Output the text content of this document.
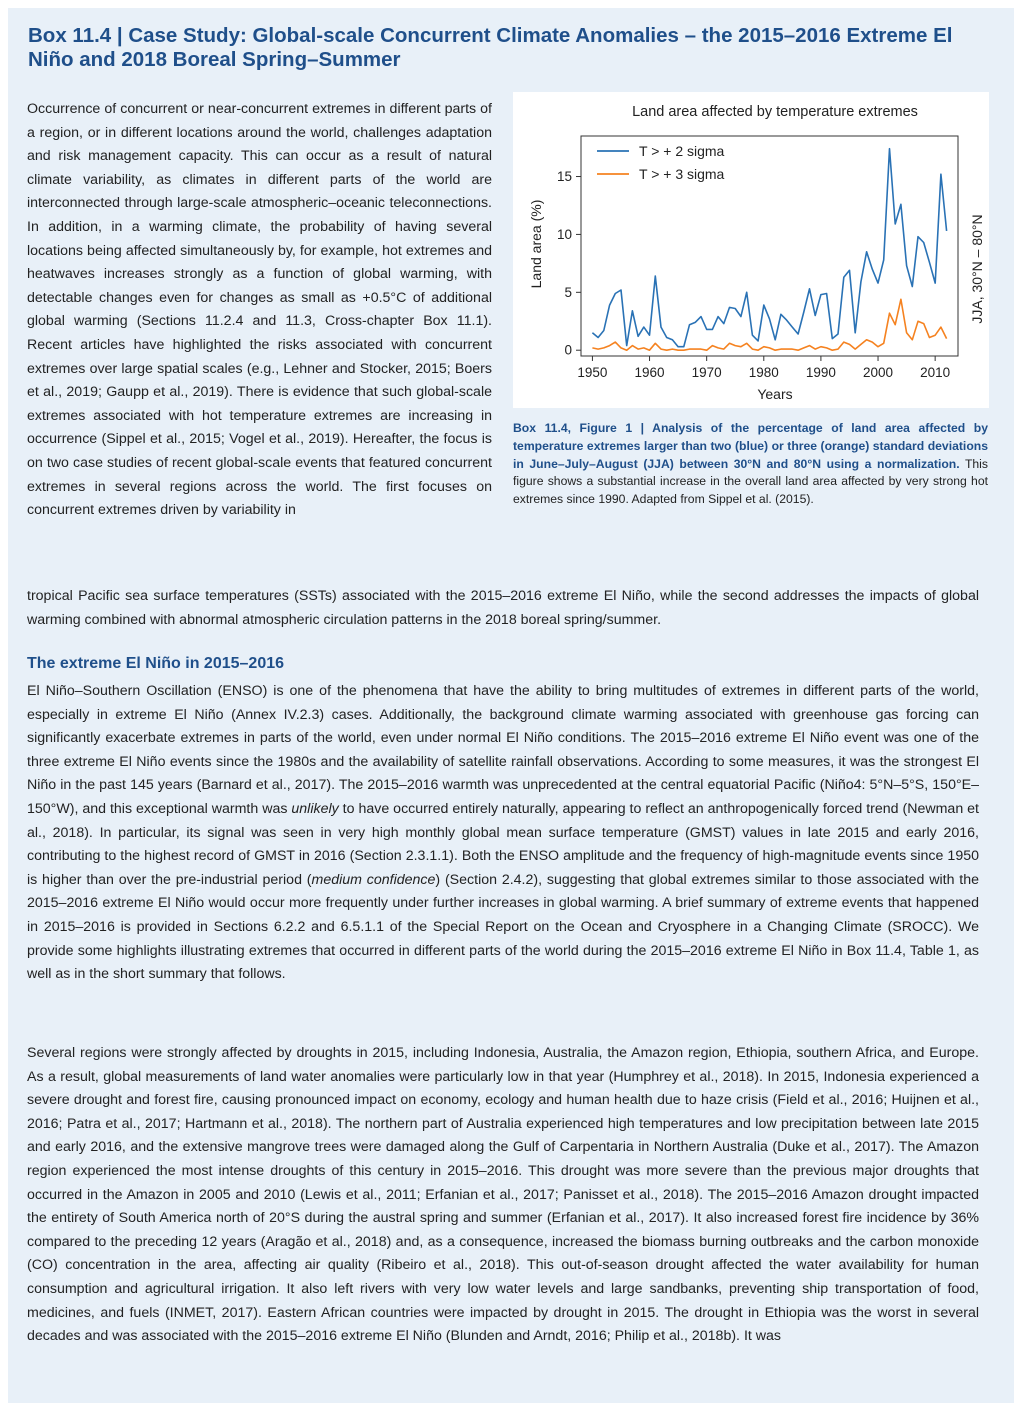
Box 11.4 | Case Study: Global-scale Concurrent Climate Anomalies – the 2015–2016 Extreme El Niño and 2018 Boreal Spring–Summer

Occurrence of concurrent or near-concurrent extremes in different parts of a region, or in different locations around the world, challenges adaptation and risk management capacity. This can occur as a result of natural climate variability, as climates in different parts of the world are interconnected through large-scale atmospheric–oceanic teleconnections. In addition, in a warming climate, the probability of having several locations being affected simultaneously by, for example, hot extremes and heatwaves increases strongly as a function of global warming, with detectable changes even for changes as small as +0.5°C of additional global warming (Sections 11.2.4 and 11.3, Cross-chapter Box 11.1). Recent articles have highlighted the risks associated with concurrent extremes over large spatial scales (e.g., Lehner and Stocker, 2015; Boers et al., 2019; Gaupp et al., 2019). There is evidence that such global-scale extremes associated with hot temperature extremes are increasing in occurrence (Sippel et al., 2015; Vogel et al., 2019). Hereafter, the focus is on two case studies of recent global-scale events that featured concurrent extremes in several regions across the world. The first focuses on concurrent extremes driven by variability in

Land area affected by temperature extremes
1950 1960 1970 1980 1990 2000 2010
0
5
10
15
T > + 2 sigma
T > + 3 sigma
Years
Land area (%)	JJA, 30°N – 80°N

Box 11.4, Figure 1 | Analysis of the percentage of land area affected by temperature extremes larger than two (blue) or three (orange) standard deviations in June–July–August (JJA) between 30°N and 80°N using a normalization. This figure shows a substantial increase in the overall land area affected by very strong hot extremes since 1990. Adapted from Sippel et al. (2015).

tropical Pacific sea surface temperatures (SSTs) associated with the 2015–2016 extreme El Niño, while the second addresses the impacts of global warming combined with abnormal atmospheric circulation patterns in the 2018 boreal spring/summer.

The extreme El Niño in 2015–2016

El Niño–Southern Oscillation (ENSO) is one of the phenomena that have the ability to bring multitudes of extremes in different parts of the world, especially in extreme El Niño (Annex IV.2.3) cases. Additionally, the background climate warming associated with greenhouse gas forcing can significantly exacerbate extremes in parts of the world, even under normal El Niño conditions. The 2015–2016 extreme El Niño event was one of the three extreme El Niño events since the 1980s and the availability of satellite rainfall observations. According to some measures, it was the strongest El Niño in the past 145 years (Barnard et al., 2017). The 2015–2016 warmth was unprecedented at the central equatorial Pacific (Niño4: 5°N–5°S, 150°E–150°W), and this exceptional warmth was unlikely to have occurred entirely naturally, appearing to reflect an anthropogenically forced trend (Newman et al., 2018). In particular, its signal was seen in very high monthly global mean surface temperature (GMST) values in late 2015 and early 2016, contributing to the highest record of GMST in 2016 (Section 2.3.1.1). Both the ENSO amplitude and the frequency of high-magnitude events since 1950 is higher than over the pre-industrial period (medium confidence) (Section 2.4.2), suggesting that global extremes similar to those associated with the 2015–2016 extreme El Niño would occur more frequently under further increases in global warming. A brief summary of extreme events that happened in 2015–2016 is provided in Sections 6.2.2 and 6.5.1.1 of the Special Report on the Ocean and Cryosphere in a Changing Climate (SROCC). We provide some highlights illustrating extremes that occurred in different parts of the world during the 2015–2016 extreme El Niño in Box 11.4, Table 1, as well as in the short summary that follows.

Several regions were strongly affected by droughts in 2015, including Indonesia, Australia, the Amazon region, Ethiopia, southern Africa, and Europe. As a result, global measurements of land water anomalies were particularly low in that year (Humphrey et al., 2018). In 2015, Indonesia experienced a severe drought and forest fire, causing pronounced impact on economy, ecology and human health due to haze crisis (Field et al., 2016; Huijnen et al., 2016; Patra et al., 2017; Hartmann et al., 2018). The northern part of Australia experienced high temperatures and low precipitation between late 2015 and early 2016, and the extensive mangrove trees were damaged along the Gulf of Carpentaria in Northern Australia (Duke et al., 2017). The Amazon region experienced the most intense droughts of this century in 2015–2016. This drought was more severe than the previous major droughts that occurred in the Amazon in 2005 and 2010 (Lewis et al., 2011; Erfanian et al., 2017; Panisset et al., 2018). The 2015–2016 Amazon drought impacted the entirety of South America north of 20°S during the austral spring and summer (Erfanian et al., 2017). It also increased forest fire incidence by 36% compared to the preceding 12 years (Aragão et al., 2018) and, as a consequence, increased the biomass burning outbreaks and the carbon monoxide (CO) concentration in the area, affecting air quality (Ribeiro et al., 2018). This out-of-season drought affected the water availability for human consumption and agricultural irrigation. It also left rivers with very low water levels and large sandbanks, preventing ship transportation of food, medicines, and fuels (INMET, 2017). Eastern African countries were impacted by drought in 2015. The drought in Ethiopia was the worst in several decades and was associated with the 2015–2016 extreme El Niño (Blunden and Arndt, 2016; Philip et al., 2018b). It was
